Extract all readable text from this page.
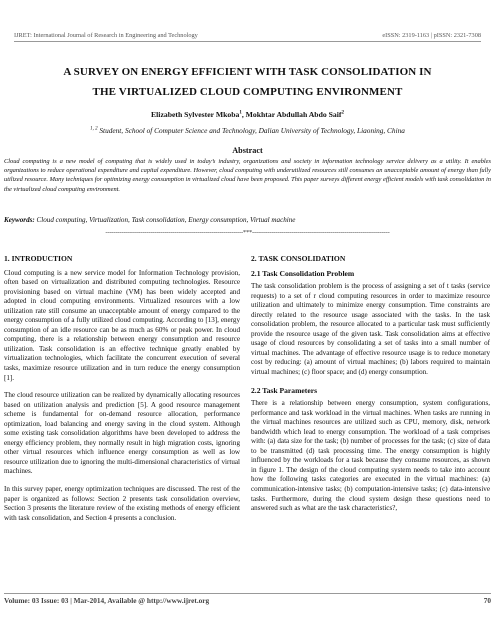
IJRET: International Journal of Research in Engineering and Technology	eISSN: 2319-1163 | pISSN: 2321-7308
A SURVEY ON ENERGY EFFICIENT WITH TASK CONSOLIDATION IN
THE VIRTUALIZED CLOUD COMPUTING ENVIRONMENT
Elizabeth Sylvester Mkoba$^1$, Mokhtar Abdullah Abdo Saif$^2$
$^{1, 2}$ Student, School of Computer Science and Technology, Dalian University of Technology, Liaoning, China
Abstract
Cloud computing is a new model of computing that is widely used in today’s industry, organizations and society in information technology service delivery as a utility. It enables organizations to reduce operational expenditure and capital expenditure. However, cloud computing with underutilized resources still consumes an unacceptable amount of energy than fully utilized resource. Many techniques for optimizing energy consumption in virtualized cloud have been proposed. This paper surveys different energy efficient models with task consolidation in the virtualized cloud computing environment.
Keywords: Cloud computing, Virtualization, Task consolidation, Energy consumption, Virtual machine
----------------------------------------------------------------------***----------------------------------------------------------------------
1. INTRODUCTION

Cloud computing is a new service model for Information Technology provision, often based on virtualization and distributed computing technologies. Resource provisioning based on virtual machine (VM) has been widely accepted and adopted in cloud computing environments. Virtualized resources with a low utilization rate still consume an unacceptable amount of energy compared to the energy consumption of a fully utilized cloud computing. According to [13], energy consumption of an idle resource can be as much as 60% or peak power. In cloud computing, there is a relationship between energy consumption and resource utilization. Task consolidation is an effective technique greatly enabled by virtualization technologies, which facilitate the concurrent execution of several tasks, maximize resource utilization and in turn reduce the energy consumption [1].

The cloud resource utilization can be realized by dynamically allocating resources based on utilization analysis and prediction [5]. A good resource management scheme is fundamental for on-demand resource allocation, performance optimization, load balancing and energy saving in the cloud system. Although some existing task consolidation algorithms have been developed to address the energy efficiency problem, they normally result in high migration costs, ignoring other virtual resources which influence energy consumption as well as low resource utilization due to ignoring the multi-dimensional characteristics of virtual machines.

In this survey paper, energy optimization techniques are discussed. The rest of the paper is organized as follows: Section 2 presents task consolidation overview, Section 3 presents the literature review of the existing methods of energy efficient with task consolidation, and Section 4 presents a conclusion.

2. TASK CONSOLIDATION
2.1 Task Consolidation Problem

The task consolidation problem is the process of assigning a set of t tasks (service requests) to a set of r cloud computing resources in order to maximize resource utilization and ultimately to minimize energy consumption. Time constraints are directly related to the resource usage associated with the tasks. In the task consolidation problem, the resource allocated to a particular task must sufficiently provide the resource usage of the given task. Task consolidation aims at effective usage of cloud resources by consolidating a set of tasks into a small number of virtual machines. The advantage of effective resource usage is to reduce monetary cost by reducing: (a) amount of virtual machines; (b) labors required to maintain virtual machines; (c) floor space; and (d) energy consumption.

2.2 Task Parameters

There is a relationship between energy consumption, system configurations, performance and task workload in the virtual machines. When tasks are running in the virtual machines resources are utilized such as CPU, memory, disk, network bandwidth which lead to energy consumption. The workload of a task comprises with: (a) data size for the task; (b) number of processes for the task; (c) size of data to be transmitted (d) task processing time. The energy consumption is highly influenced by the workloads for a task because they consume resources, as shown in figure 1. The design of the cloud computing system needs to take into account how the following tasks categories are executed in the virtual machines: (a) communication-intensive tasks; (b) computation-intensive tasks; (c) data-intensive tasks. Furthermore, during the cloud system design these questions need to answered such as what are the task characteristics?,

Volume: 03 Issue: 03 | Mar-2014, Available @ http://www.ijret.org	70
